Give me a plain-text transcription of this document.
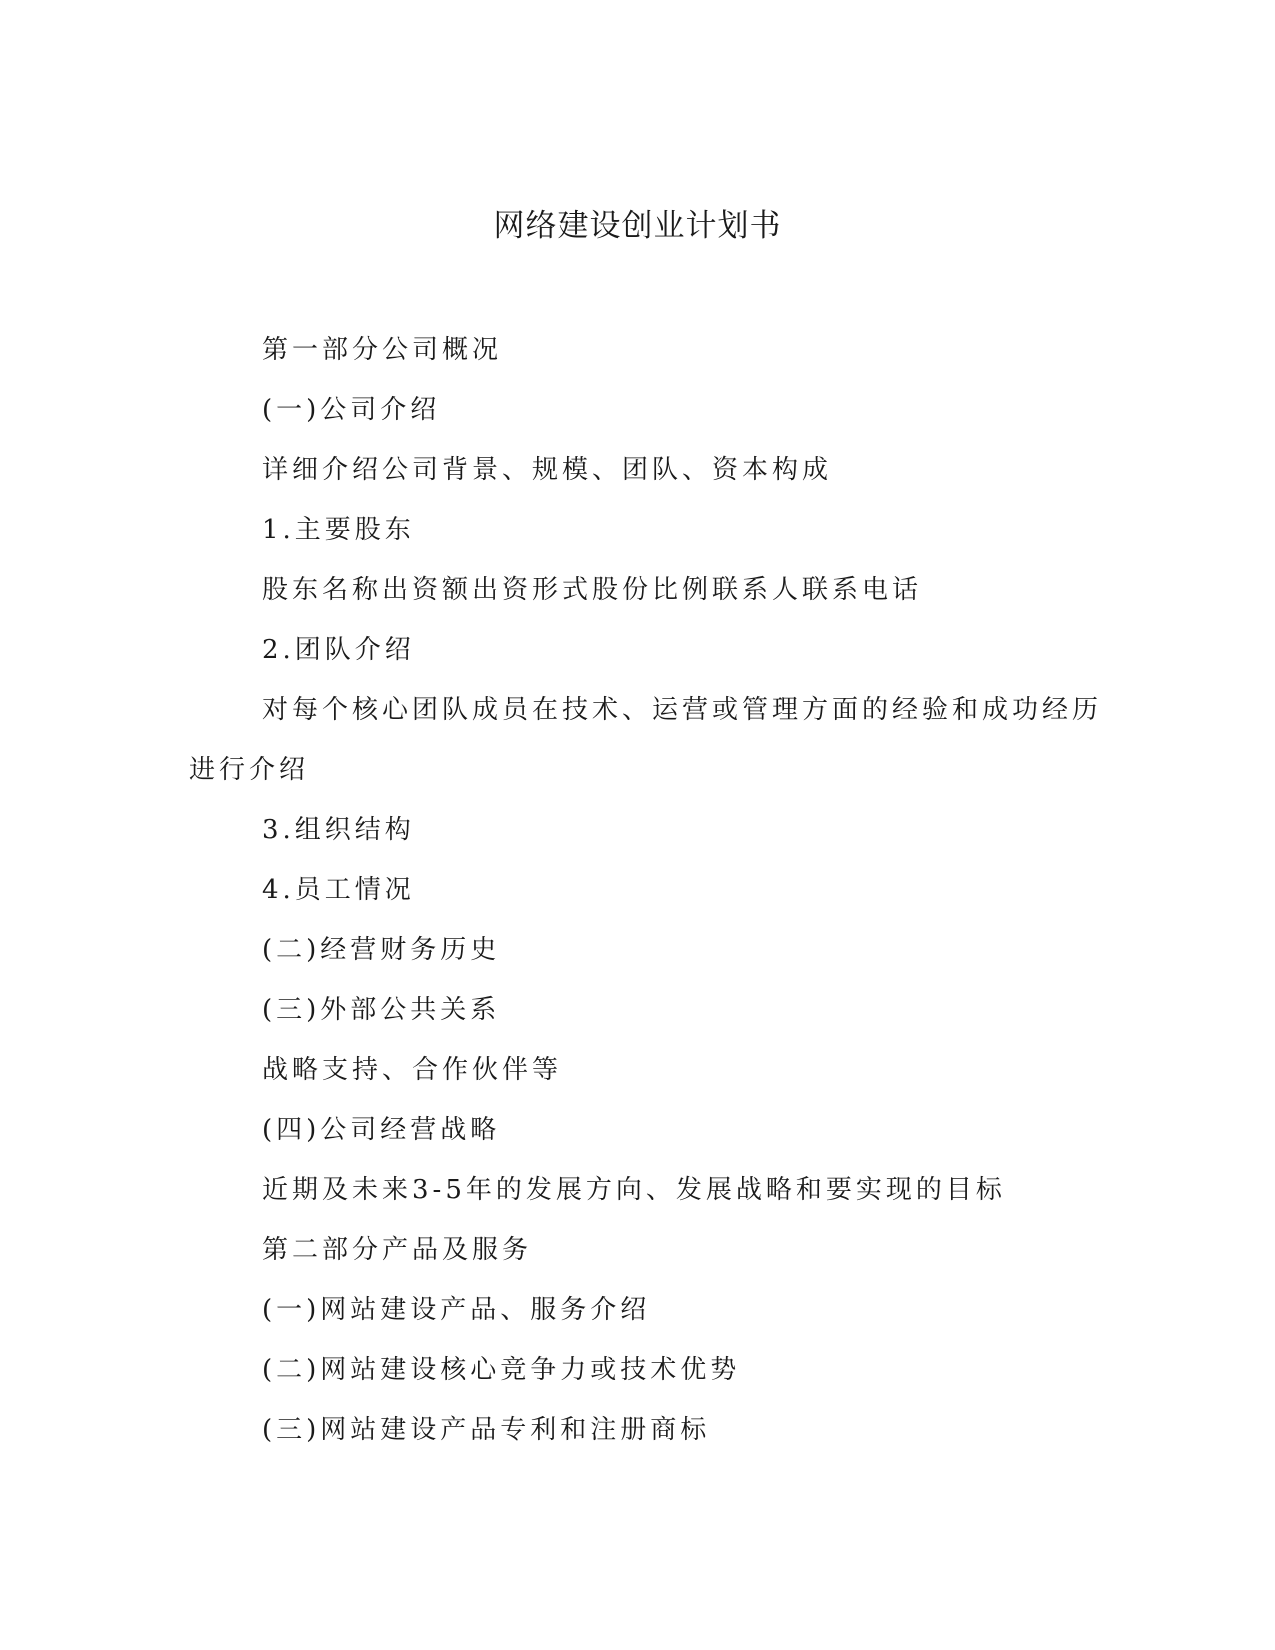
网络建设创业计划书
第一部分公司概况
(一)公司介绍
详细介绍公司背景、规模、团队、资本构成
1.主要股东
股东名称出资额出资形式股份比例联系人联系电话
2.团队介绍
对每个核心团队成员在技术、运营或管理方面的经验和成功经历
进行介绍
3.组织结构
4.员工情况
(二)经营财务历史
(三)外部公共关系
战略支持、合作伙伴等
(四)公司经营战略
近期及未来3-5年的发展方向、发展战略和要实现的目标
第二部分产品及服务
(一)网站建设产品、服务介绍
(二)网站建设核心竞争力或技术优势
(三)网站建设产品专利和注册商标
